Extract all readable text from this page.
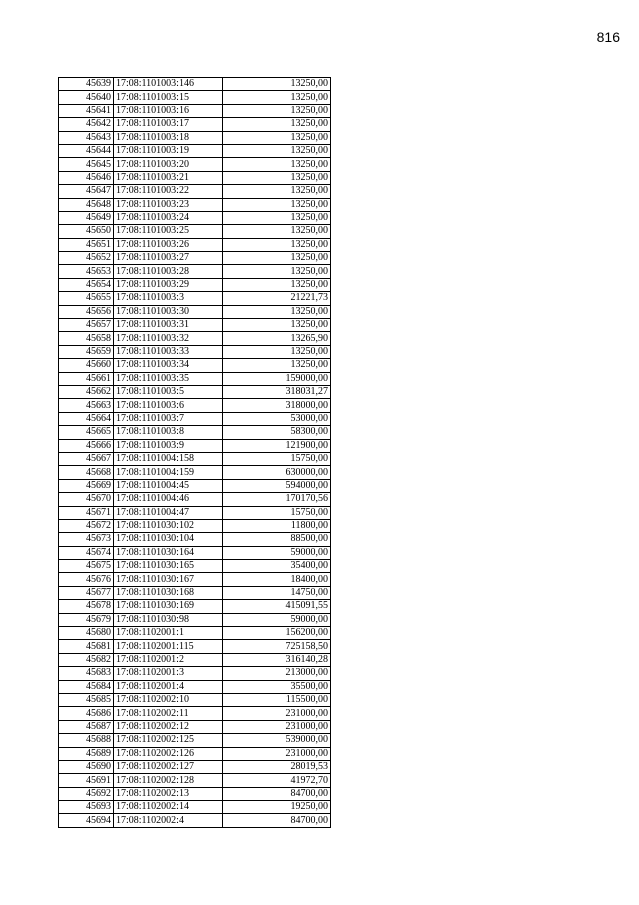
816
45639	17:08:1101003:146	13250,00
45640	17:08:1101003:15	13250,00
45641	17:08:1101003:16	13250,00
45642	17:08:1101003:17	13250,00
45643	17:08:1101003:18	13250,00
45644	17:08:1101003:19	13250,00
45645	17:08:1101003:20	13250,00
45646	17:08:1101003:21	13250,00
45647	17:08:1101003:22	13250,00
45648	17:08:1101003:23	13250,00
45649	17:08:1101003:24	13250,00
45650	17:08:1101003:25	13250,00
45651	17:08:1101003:26	13250,00
45652	17:08:1101003:27	13250,00
45653	17:08:1101003:28	13250,00
45654	17:08:1101003:29	13250,00
45655	17:08:1101003:3	21221,73
45656	17:08:1101003:30	13250,00
45657	17:08:1101003:31	13250,00
45658	17:08:1101003:32	13265,90
45659	17:08:1101003:33	13250,00
45660	17:08:1101003:34	13250,00
45661	17:08:1101003:35	159000,00
45662	17:08:1101003:5	318031,27
45663	17:08:1101003:6	318000,00
45664	17:08:1101003:7	53000,00
45665	17:08:1101003:8	58300,00
45666	17:08:1101003:9	121900,00
45667	17:08:1101004:158	15750,00
45668	17:08:1101004:159	630000,00
45669	17:08:1101004:45	594000,00
45670	17:08:1101004:46	170170,56
45671	17:08:1101004:47	15750,00
45672	17:08:1101030:102	11800,00
45673	17:08:1101030:104	88500,00
45674	17:08:1101030:164	59000,00
45675	17:08:1101030:165	35400,00
45676	17:08:1101030:167	18400,00
45677	17:08:1101030:168	14750,00
45678	17:08:1101030:169	415091,55
45679	17:08:1101030:98	59000,00
45680	17:08:1102001:1	156200,00
45681	17:08:1102001:115	725158,50
45682	17:08:1102001:2	316140,28
45683	17:08:1102001:3	213000,00
45684	17:08:1102001:4	35500,00
45685	17:08:1102002:10	115500,00
45686	17:08:1102002:11	231000,00
45687	17:08:1102002:12	231000,00
45688	17:08:1102002:125	539000,00
45689	17:08:1102002:126	231000,00
45690	17:08:1102002:127	28019,53
45691	17:08:1102002:128	41972,70
45692	17:08:1102002:13	84700,00
45693	17:08:1102002:14	19250,00
45694	17:08:1102002:4	84700,00
